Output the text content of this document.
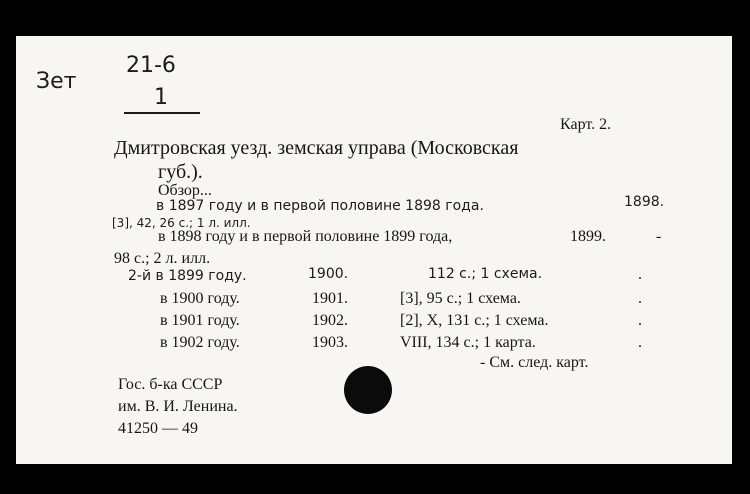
Зет
21-6
1
Карт. 2.
Дмитровская уезд. земская управа (Московская
губ.).
Обзор...
в 1897 году и в первой половине 1898 года.	1898.
[3], 42, 26 с.; 1 л. илл.
в 1898 году и в первой половине 1899 года,	1899.	-
98 с.; 2 л. илл.
2-й в 1899 году.	1900.	112 с.; 1 схема.	.
в 1900 году.	1901.	[3], 95 с.; 1 схема.	.
в 1901 году.	1902.	[2], X, 131 с.; 1 схема.	.
в 1902 году.	1903.	VIII, 134 с.; 1 карта.	.
- См. след. карт.
Гос. б-ка СССР
им. В. И. Ленина.
41250 — 49
